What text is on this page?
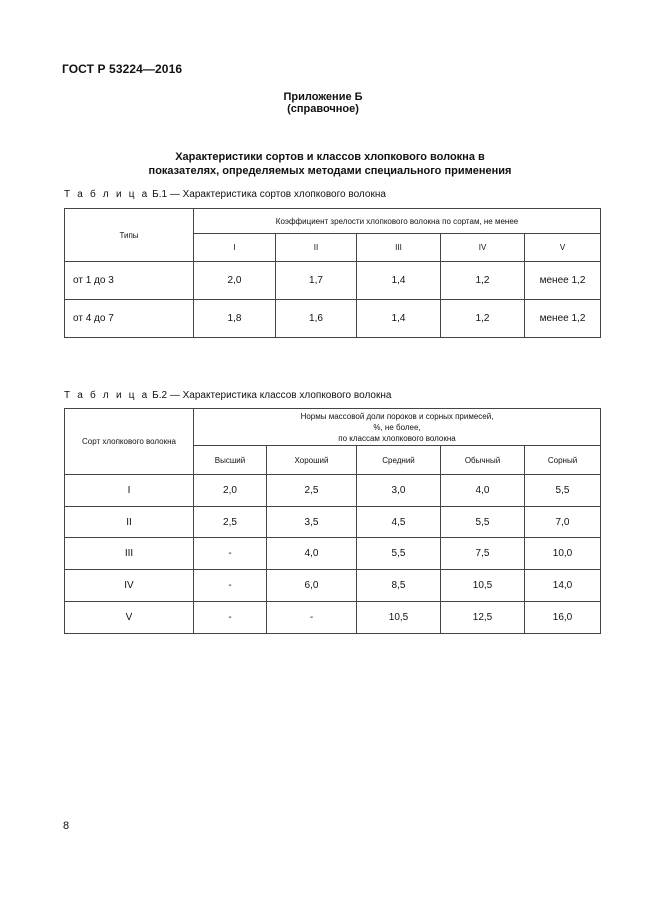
ГОСТ Р 53224—2016
Приложение Б
(справочное)
Характеристики сортов и классов хлопкового волокна в
показателях, определяемых методами специального применения
Т а б л и ц а Б.1 — Характеристика сортов хлопкового волокна
Типы	Коэффициент зрелости хлопкового волокна по сортам, не менее				
	I	II	III	IV	V
от 1 до 3	2,0	1,7	1,4	1,2	менее 1,2
от 4 до 7	1,8	1,6	1,4	1,2	менее 1,2
Т а б л и ц а Б.2 — Характеристика классов хлопкового волокна
Сорт хлопкового волокна	Нормы массовой доли пороков и сорных примесей,
%, не более,
по классам хлопкового волокна				

	Высший	Хороший	Средний	Обычный	Сорный
I	2,0	2,5	3,0	4,0	5,5
II	2,5	3,5	4,5	5,5	7,0
III	-	4,0	5,5	7,5	10,0
IV	-	6,0	8,5	10,5	14,0
V	-	-	10,5	12,5	16,0
8
